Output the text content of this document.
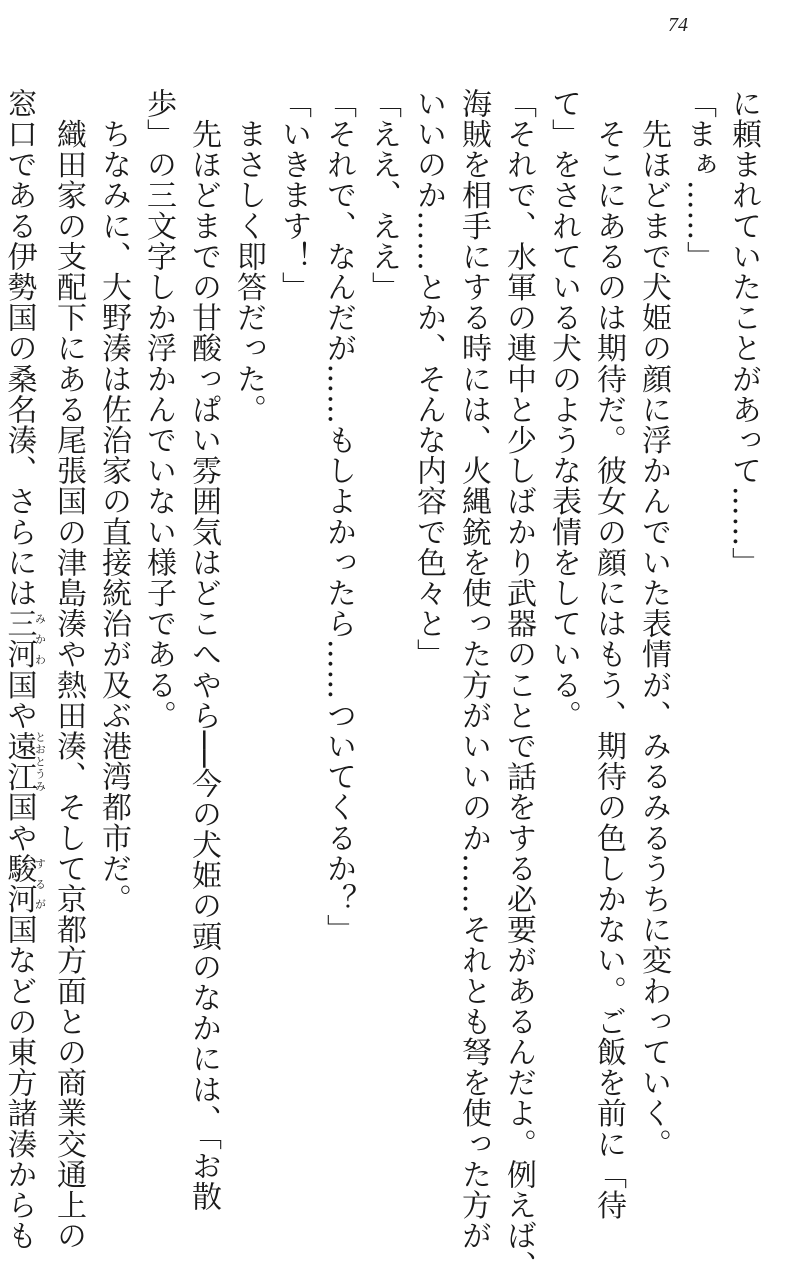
74
に頼まれていたことがあって……」
「まぁ……」
　先ほどまで犬姫の顔に浮かんでいた表情が、みるみるうちに変わっていく。
　そこにあるのは期待だ。彼女の顔にはもう、期待の色しかない。ご飯を前に「待
て」をされている犬のような表情をしている。
「それで、水軍の連中と少しばかり武器のことで話をする必要があるんだよ。例えば、
海賊を相手にする時には、火縄銃を使った方がいいのか……それとも弩を使った方が
いいのか……とか、そんな内容で色々と」
「ええ、ええ」
「それで、なんだが……もしよかったら……ついてくるか？」
「いきます！」
　まさしく即答だった。
　先ほどまでの甘酸っぱい雰囲気はどこへやら──今の犬姫の頭のなかには、「お散
歩」の三文字しか浮かんでいない様子である。
　ちなみに、大野湊は佐治家の直接統治が及ぶ港湾都市だ。
　織田家の支配下にある尾張国の津島湊や熱田湊、そして京都方面との商業交通上の
窓口である伊勢国の桑名湊、さらには三河みかわ国や遠江とおとうみ国や駿河するが国などの東方諸湊からも
